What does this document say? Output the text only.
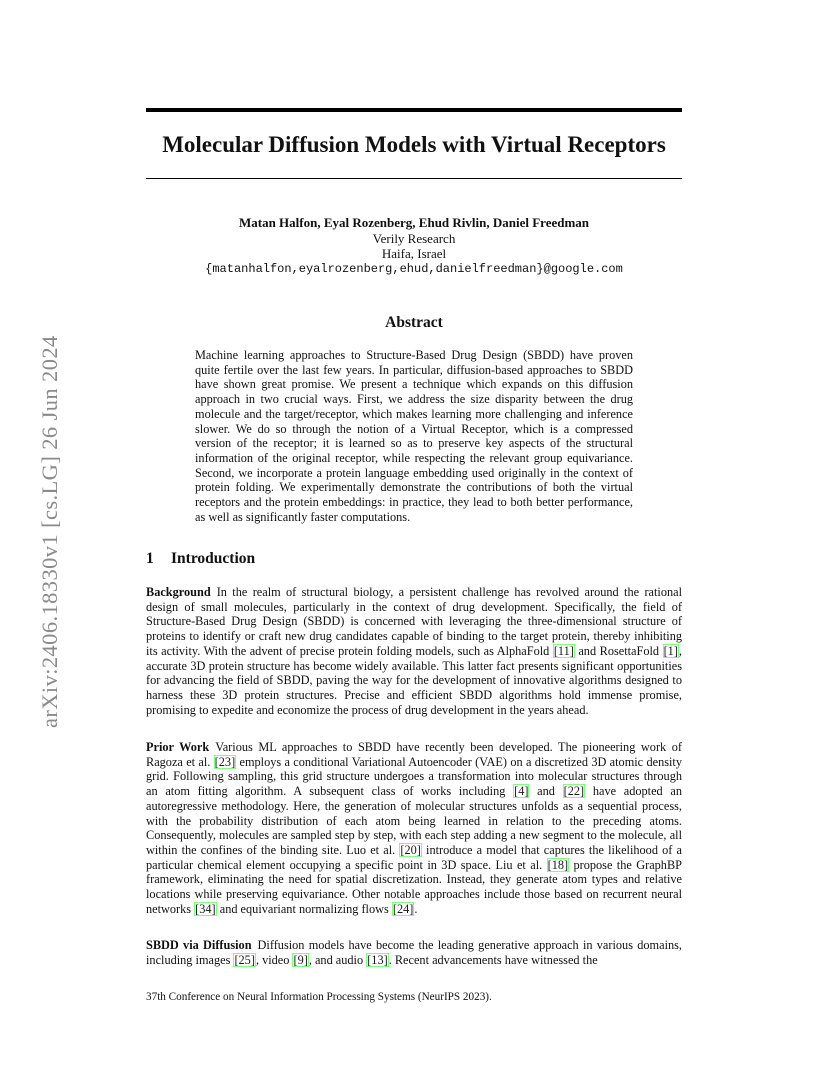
arXiv:2406.18330v1 [cs.LG] 26 Jun 2024
Molecular Diffusion Models with Virtual Receptors
Matan Halfon, Eyal Rozenberg, Ehud Rivlin, Daniel Freedman
Verily Research
Haifa, Israel
{matanhalfon,eyalrozenberg,ehud,danielfreedman}@google.com
Abstract

Machine learning approaches to Structure-Based Drug Design (SBDD) have proven quite fertile over the last few years. In particular, diffusion-based approaches to SBDD have shown great promise. We present a technique which expands on this diffusion approach in two crucial ways. First, we address the size disparity between the drug molecule and the target/receptor, which makes learning more challenging and inference slower. We do so through the notion of a Virtual Receptor, which is a compressed version of the receptor; it is learned so as to preserve key aspects of the structural information of the original receptor, while respecting the relevant group equivariance. Second, we incorporate a protein language embedding used originally in the context of protein folding. We experimentally demonstrate the contributions of both the virtual receptors and the protein embeddings: in practice, they lead to both better performance, as well as significantly faster computations.

1 Introduction

Background In the realm of structural biology, a persistent challenge has revolved around the rational design of small molecules, particularly in the context of drug development. Specifically, the field of Structure-Based Drug Design (SBDD) is concerned with leveraging the three-dimensional structure of proteins to identify or craft new drug candidates capable of binding to the target protein, thereby inhibiting its activity. With the advent of precise protein folding models, such as AlphaFold [11] and RosettaFold [1], accurate 3D protein structure has become widely available. This latter fact presents significant opportunities for advancing the field of SBDD, paving the way for the development of innovative algorithms designed to harness these 3D protein structures. Precise and efficient SBDD algorithms hold immense promise, promising to expedite and economize the process of drug development in the years ahead.

Prior Work Various ML approaches to SBDD have recently been developed. The pioneering work of Ragoza et al. [23] employs a conditional Variational Autoencoder (VAE) on a discretized 3D atomic density grid. Following sampling, this grid structure undergoes a transformation into molecular structures through an atom fitting algorithm. A subsequent class of works including [4] and [22] have adopted an autoregressive methodology. Here, the generation of molecular structures unfolds as a sequential process, with the probability distribution of each atom being learned in relation to the preceding atoms. Consequently, molecules are sampled step by step, with each step adding a new segment to the molecule, all within the confines of the binding site. Luo et al. [20] introduce a model that captures the likelihood of a particular chemical element occupying a specific point in 3D space. Liu et al. [18] propose the GraphBP framework, eliminating the need for spatial discretization. Instead, they generate atom types and relative locations while preserving equivariance. Other notable approaches include those based on recurrent neural networks [34] and equivariant normalizing flows [24].

SBDD via Diffusion Diffusion models have become the leading generative approach in various domains, including images [25], video [9], and audio [13]. Recent advancements have witnessed the

37th Conference on Neural Information Processing Systems (NeurIPS 2023).
